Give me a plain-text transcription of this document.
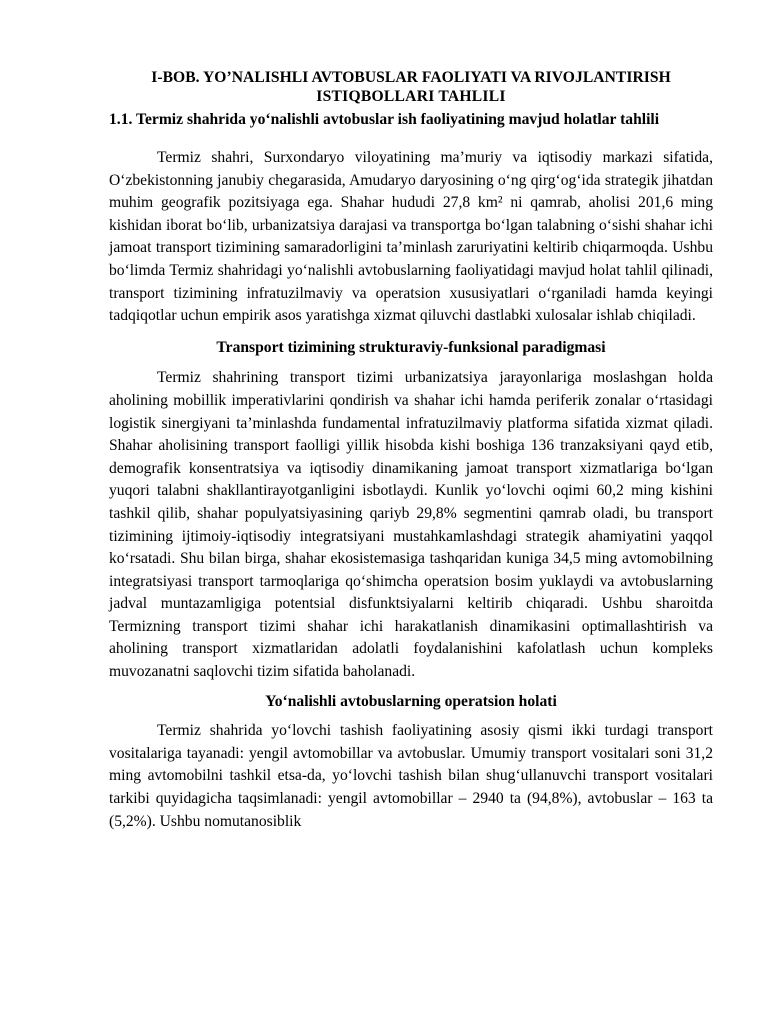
I-BOB. YO’NALISHLI AVTOBUSLAR FAOLIYATI VA RIVOJLANTIRISH

ISTIQBOLLARI TAHLILI

1.1. Termiz shahrida yo‘nalishli avtobuslar ish faoliyatining mavjud holatlar tahlili

Termiz shahri, Surxondaryo viloyatining ma’muriy va iqtisodiy markazi sifatida, O‘zbekistonning janubiy chegarasida, Amudaryo daryosining o‘ng qirg‘og‘ida strategik jihatdan muhim geografik pozitsiyaga ega. Shahar hududi 27,8 km² ni qamrab, aholisi 201,6 ming kishidan iborat bo‘lib, urbanizatsiya darajasi va transportga bo‘lgan talabning o‘sishi shahar ichi jamoat transport tizimining samaradorligini ta’minlash zaruriyatini keltirib chiqarmoqda. Ushbu bo‘limda Termiz shahridagi yo‘nalishli avtobuslarning faoliyatidagi mavjud holat tahlil qilinadi, transport tizimining infratuzilmaviy va operatsion xususiyatlari o‘rganiladi hamda keyingi tadqiqotlar uchun empirik asos yaratishga xizmat qiluvchi dastlabki xulosalar ishlab chiqiladi.

Transport tizimining strukturaviy-funksional paradigmasi

Termiz shahrining transport tizimi urbanizatsiya jarayonlariga moslashgan holda aholining mobillik imperativlarini qondirish va shahar ichi hamda periferik zonalar o‘rtasidagi logistik sinergiyani ta’minlashda fundamental infratuzilmaviy platforma sifatida xizmat qiladi. Shahar aholisining transport faolligi yillik hisobda kishi boshiga 136 tranzaksiyani qayd etib, demografik konsentratsiya va iqtisodiy dinamikaning jamoat transport xizmatlariga bo‘lgan yuqori talabni shakllantirayotganligini isbotlaydi. Kunlik yo‘lovchi oqimi 60,2 ming kishini tashkil qilib, shahar populyatsiyasining qariyb 29,8% segmentini qamrab oladi, bu transport tizimining ijtimoiy-iqtisodiy integratsiyani mustahkamlashdagi strategik ahamiyatini yaqqol ko‘rsatadi. Shu bilan birga, shahar ekosistemasiga tashqaridan kuniga 34,5 ming avtomobilning integratsiyasi transport tarmoqlariga qo‘shimcha operatsion bosim yuklaydi va avtobuslarning jadval muntazamligiga potentsial disfunktsiyalarni keltirib chiqaradi. Ushbu sharoitda Termizning transport tizimi shahar ichi harakatlanish dinamikasini optimallashtirish va aholining transport xizmatlaridan adolatli foydalanishini kafolatlash uchun kompleks muvozanatni saqlovchi tizim sifatida baholanadi.

Yo‘nalishli avtobuslarning operatsion holati

Termiz shahrida yo‘lovchi tashish faoliyatining asosiy qismi ikki turdagi transport vositalariga tayanadi: yengil avtomobillar va avtobuslar. Umumiy transport vositalari soni 31,2 ming avtomobilni tashkil etsa-da, yo‘lovchi tashish bilan shug‘ullanuvchi transport vositalari tarkibi quyidagicha taqsimlanadi: yengil avtomobillar – 2940 ta (94,8%), avtobuslar – 163 ta (5,2%). Ushbu nomutanosiblik
